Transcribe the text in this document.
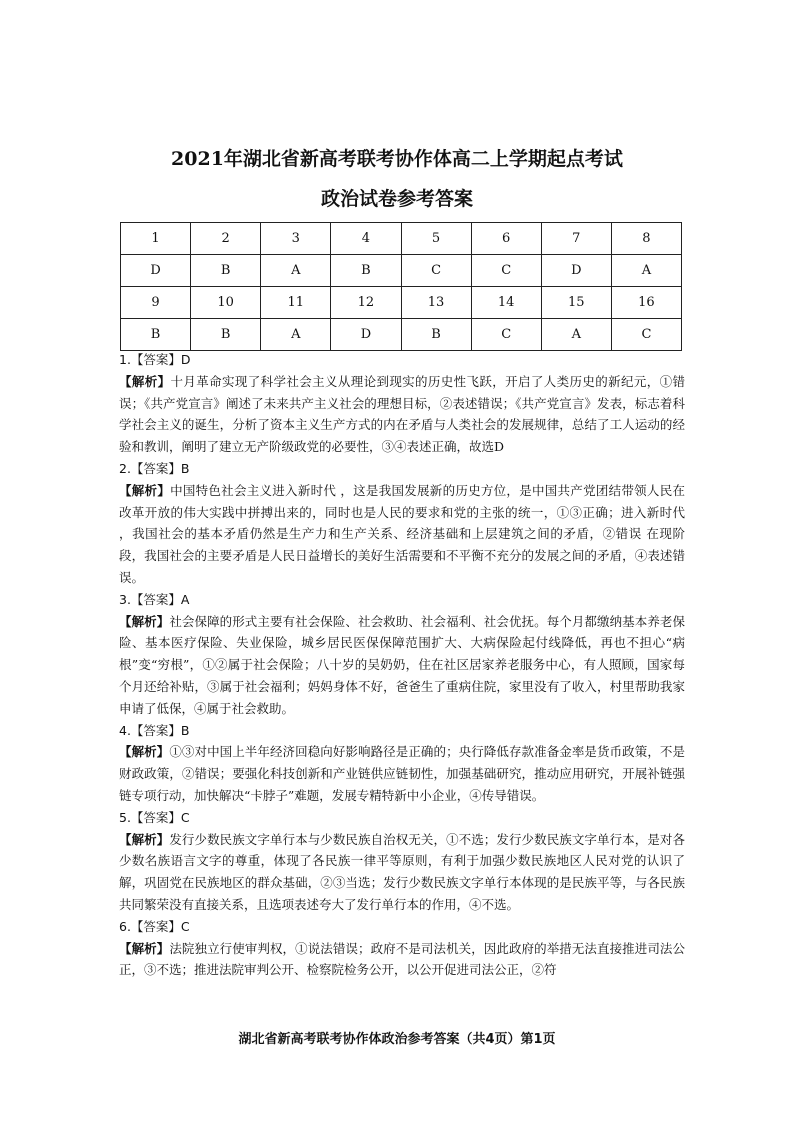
2021年湖北省新高考联考协作体高二上学期起点考试
政治试卷参考答案
1	2	3	4	5	6	7	8
D	B	A	B	C	C	D	A
9	10	11	12	13	14	15	16
B	B	A	D	B	C	A	C

1.【答案】D

【解析】十月革命实现了科学社会主义从理论到现实的历史性飞跃，开启了人类历史的新纪元，①错误；《共产党宣言》阐述了未来共产主义社会的理想目标，②表述错误；《共产党宣言》发表，标志着科学社会主义的诞生，分析了资本主义生产方式的内在矛盾与人类社会的发展规律，总结了工人运动的经验和教训，阐明了建立无产阶级政党的必要性，③④表述正确，故选D

2.【答案】B

【解析】中国特色社会主义进入新时代 ，这是我国发展新的历史方位，是中国共产党团结带领人民在改革开放的伟大实践中拼搏出来的，同时也是人民的要求和党的主张的统一，①③正确；进入新时代 ，我国社会的基本矛盾仍然是生产力和生产关系、经济基础和上层建筑之间的矛盾，②错误 在现阶段，我国社会的主要矛盾是人民日益增长的美好生活需要和不平衡不充分的发展之间的矛盾，④表述错误。

3.【答案】A

【解析】社会保障的形式主要有社会保险、社会救助、社会福利、社会优抚。每个月都缴纳基本养老保险、基本医疗保险、失业保险，城乡居民医保保障范围扩大、大病保险起付线降低，再也不担心“病根”变“穷根”，①②属于社会保险；八十岁的吴奶奶，住在社区居家养老服务中心，有人照顾，国家每个月还给补贴，③属于社会福利；妈妈身体不好，爸爸生了重病住院，家里没有了收入，村里帮助我家申请了低保，④属于社会救助。

4.【答案】B

【解析】①③对中国上半年经济回稳向好影响路径是正确的；央行降低存款准备金率是货币政策，不是财政政策，②错误；要强化科技创新和产业链供应链韧性，加强基础研究，推动应用研究，开展补链强链专项行动，加快解决“卡脖子”难题，发展专精特新中小企业，④传导错误。

5.【答案】C

【解析】发行少数民族文字单行本与少数民族自治权无关，①不选；发行少数民族文字单行本，是对各少数名族语言文字的尊重，体现了各民族一律平等原则，有利于加强少数民族地区人民对党的认识了解，巩固党在民族地区的群众基础，②③当选；发行少数民族文字单行本体现的是民族平等，与各民族共同繁荣没有直接关系，且选项表述夸大了发行单行本的作用，④不选。

6.【答案】C

【解析】法院独立行使审判权，①说法错误；政府不是司法机关，因此政府的举措无法直接推进司法公正，③不选；推进法院审判公开、检察院检务公开，以公开促进司法公正，②符

湖北省新高考联考协作体政治参考答案（共4页）第1页
